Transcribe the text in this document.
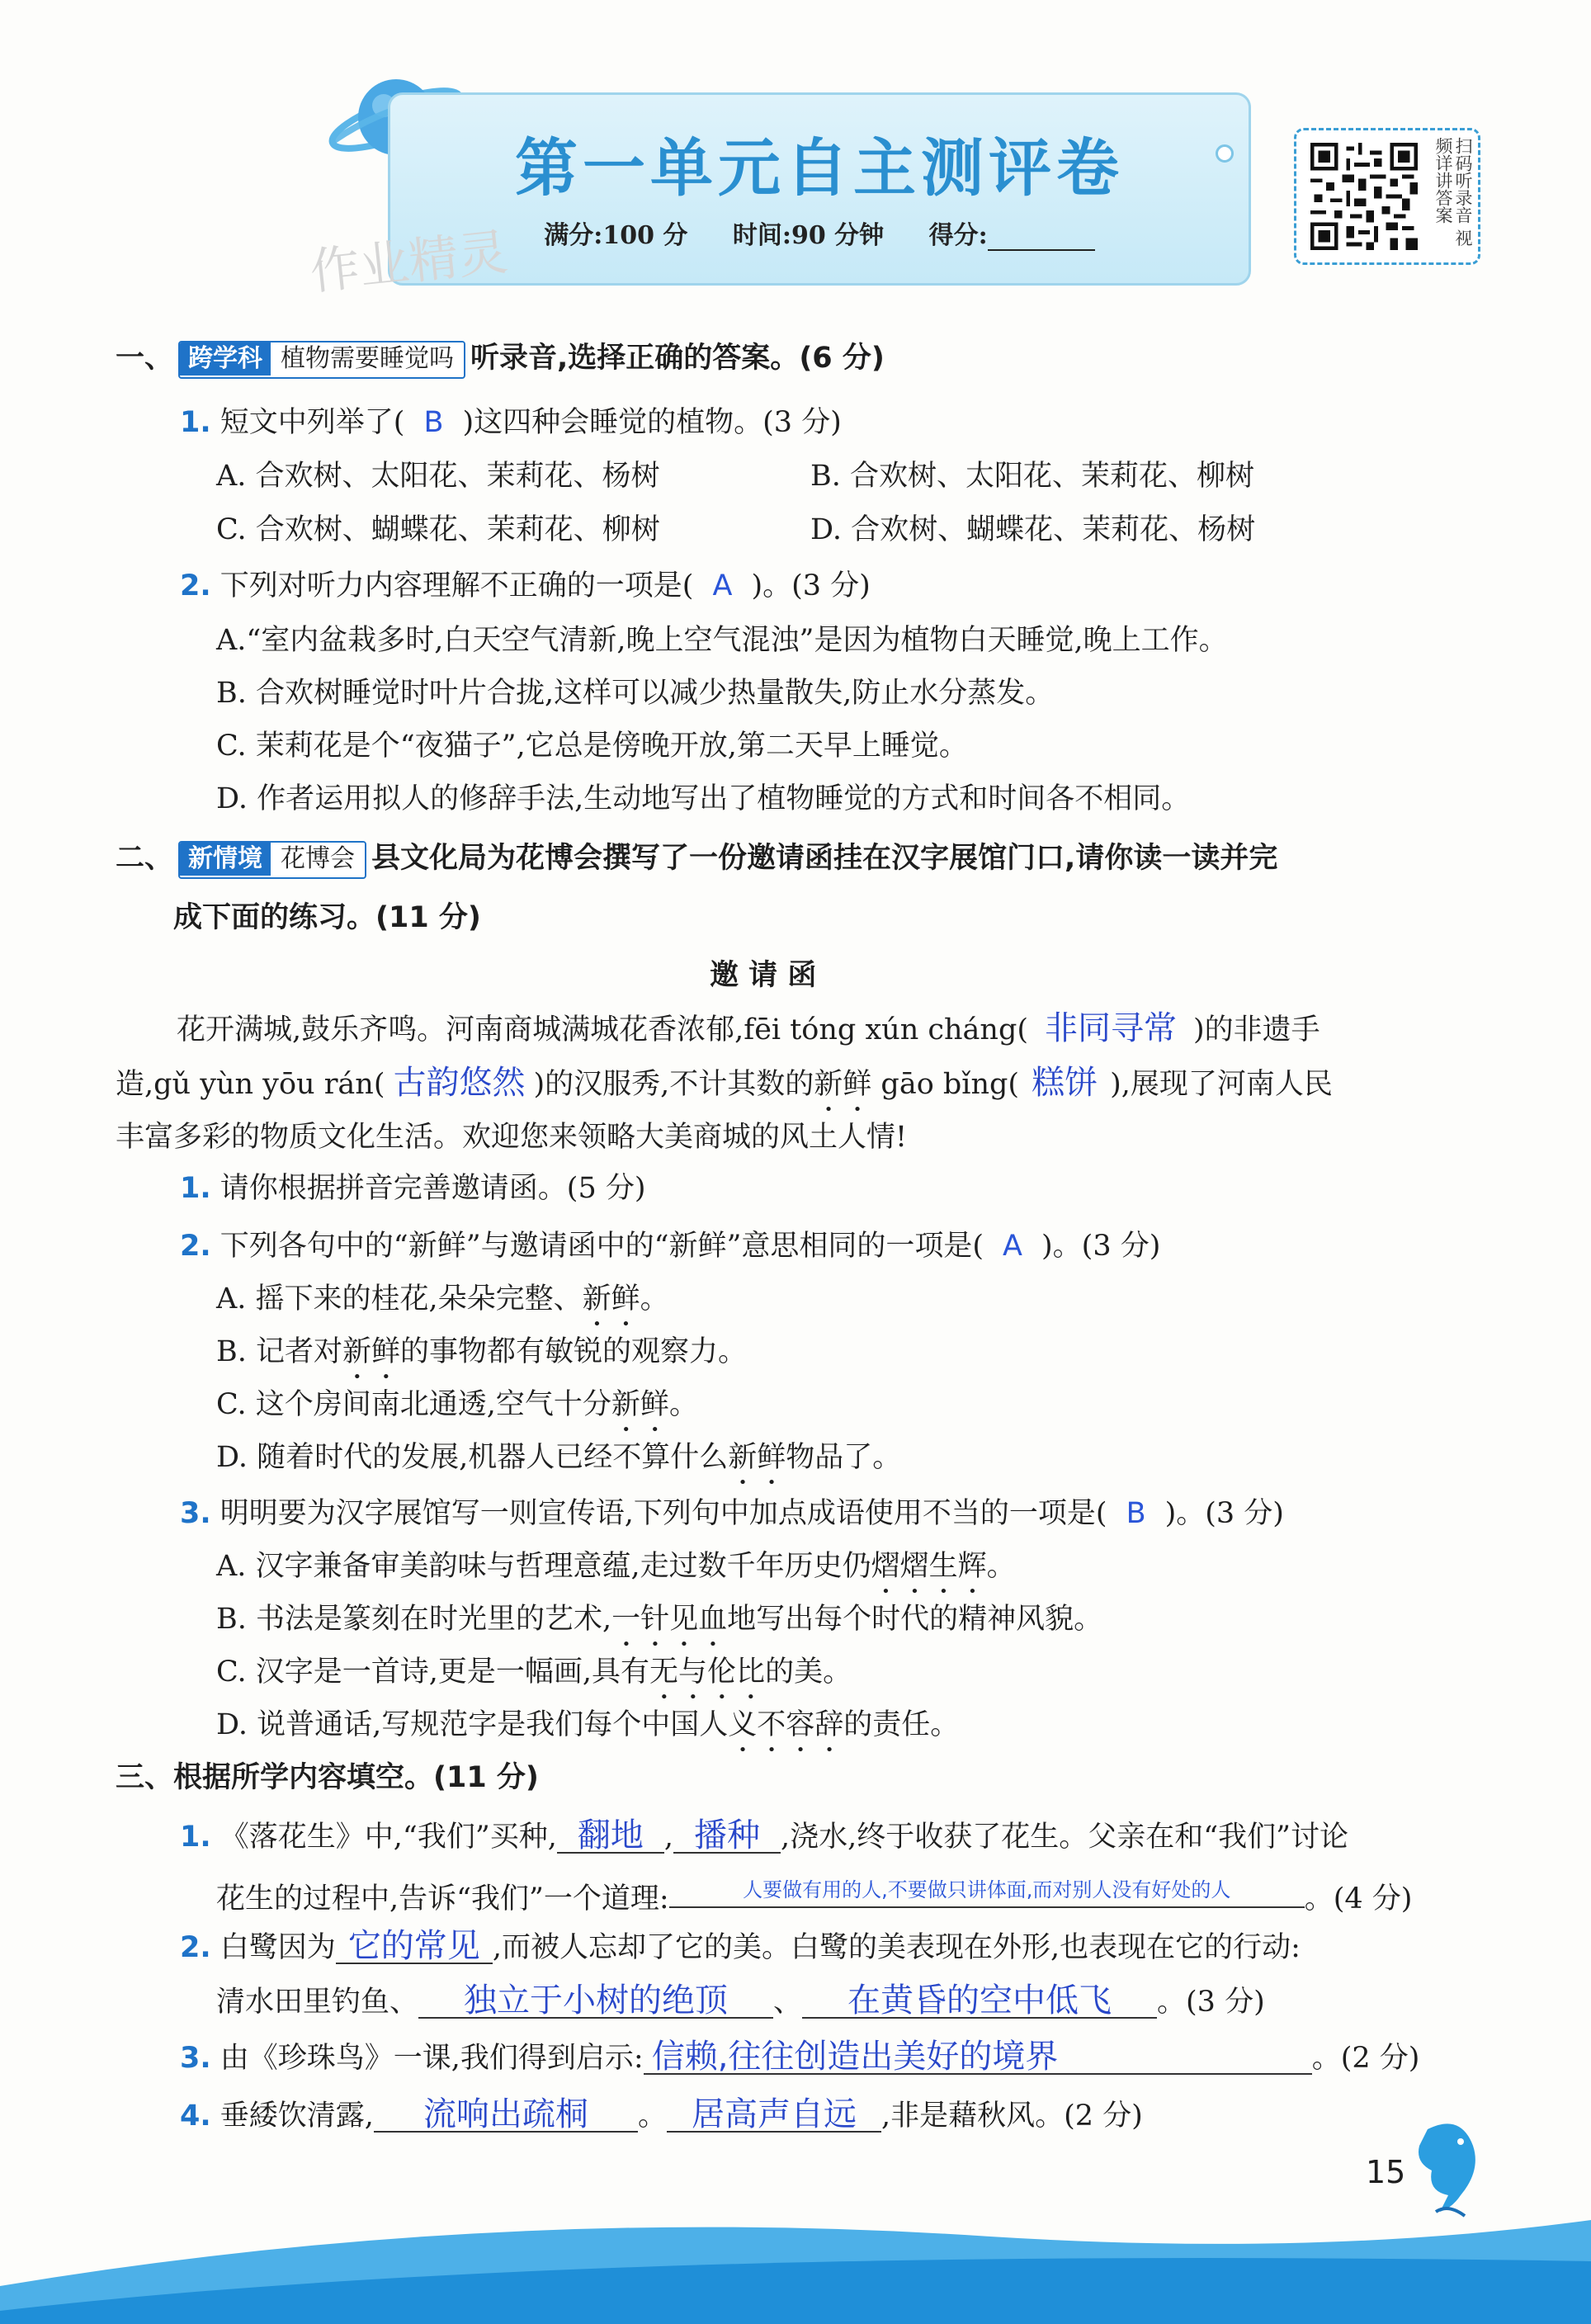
第一单元自主测评卷
满分:100 分 时间:90 分钟 得分:
作业精灵
扫码听录音 视频详讲答案
一、 跨学科 植物需要睡觉吗 听录音,选择正确的答案。(6 分)
1. 短文中列举了( B )这四种会睡觉的植物。(3 分)
A. 合欢树、太阳花、茉莉花、杨树	B. 合欢树、太阳花、茉莉花、柳树
C. 合欢树、蝴蝶花、茉莉花、柳树	D. 合欢树、蝴蝶花、茉莉花、杨树
2. 下列对听力内容理解不正确的一项是( A )。(3 分)
A.“室内盆栽多时,白天空气清新,晚上空气混浊”是因为植物白天睡觉,晚上工作。
B. 合欢树睡觉时叶片合拢,这样可以减少热量散失,防止水分蒸发。
C. 茉莉花是个“夜猫子”,它总是傍晚开放,第二天早上睡觉。
D. 作者运用拟人的修辞手法,生动地写出了植物睡觉的方式和时间各不相同。
二、 新情境 花博会 县文化局为花博会撰写了一份邀请函挂在汉字展馆门口,请你读一读并完
成下面的练习。(11 分)
邀 请 函
花开满城,鼓乐齐鸣。河南商城满城花香浓郁,fēi tóng xún cháng( 非同寻常 )的非遗手
造,gǔ yùn yōu rán( 古韵悠然 )的汉服秀,不计其数的新鲜 gāo bǐng( 糕饼 ),展现了河南人民
丰富多彩的物质文化生活。欢迎您来领略大美商城的风土人情!
1. 请你根据拼音完善邀请函。(5 分)
2. 下列各句中的“新鲜”与邀请函中的“新鲜”意思相同的一项是( A )。(3 分)
A. 摇下来的桂花,朵朵完整、新鲜。
B. 记者对新鲜的事物都有敏锐的观察力。
C. 这个房间南北通透,空气十分新鲜。
D. 随着时代的发展,机器人已经不算什么新鲜物品了。
3. 明明要为汉字展馆写一则宣传语,下列句中加点成语使用不当的一项是( B )。(3 分)
A. 汉字兼备审美韵味与哲理意蕴,走过数千年历史仍熠熠生辉。
B. 书法是篆刻在时光里的艺术,一针见血地写出每个时代的精神风貌。
C. 汉字是一首诗,更是一幅画,具有无与伦比的美。
D. 说普通话,写规范字是我们每个中国人义不容辞的责任。
三、根据所学内容填空。(11 分)
1. 《落花生》中,“我们”买种, 翻地 , 播种 ,浇水,终于收获了花生。父亲在和“我们”讨论
花生的过程中,告诉“我们”一个道理:	人要做有用的人,不要做只讲体面,而对别人没有好处的人	。(4 分)
2. 白鹭因为 它的常见 ,而被人忘却了它的美。白鹭的美表现在外形,也表现在它的行动:
清水田里钓鱼、 独立于小树的绝顶 、 在黄昏的空中低飞 。(3 分)
3. 由《珍珠鸟》一课,我们得到启示: 信赖,往往创造出美好的境界	。(2 分)
4. 垂緌饮清露, 流响出疏桐 。 居高声自远 ,非是藉秋风。(2 分)
15
